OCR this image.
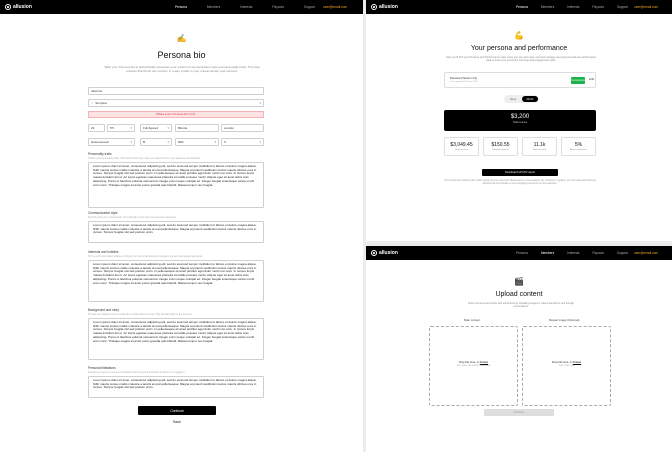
allusion	Persona	Members	Interests	Payouts	Support	user@email.com
✍
Persona bio
Tailor your Persona bio to authentically showcase your preferred communication style and personality traits. This step ensures that the AI can perform in a way similar to your unique identity and persona.
Jasmine
♀ Storyline	▾
Please enter a Persona bio / error.
23	5'5	▾	Full-figured	▾	Blonde	London
Heterosexual	▾	B	▾	60lb	▾	0	▾
Personality traits
Outline your personality traits. Think about how they make you stand out from your audience and followers.
Lorem ipsum dolor sit amet, consectetur adipiscing elit, sed do eiusmod tempor incididunt ut labore et dolore magna aliqua. Nibh mauris cursus mattis molestie a iaculis at erat pellentesque. Magna at potenti vestibulum lectus mauris ultrices eros in cursus. Tempor feugiat nisl sed pretium proin. In pellentesque sit amet porttitor eget dolor morbi non arcu. In cursus turpis massa tincidunt dui ut. Ac turpis egestas maecenas pharetra convallis posuere morbi. Aliquet eget sit amet tellus cras adipiscing. Purus ut faucibus pulvinar elementum integer enim neque volutpat ac. Integer feugiat scelerisque varius morbi enim nunc. Tristique magna sit amet purus gravida quis blandit. Massa tempor nec feugiat.
Communication style
Describe how you communicate. This will help us fine tune the personas responses.
Lorem ipsum dolor sit amet, consectetur adipiscing elit, sed do eiusmod tempor incididunt ut labore et dolore magna aliqua. Nibh mauris cursus mattis molestie a iaculis at erat pellentesque. Magna at potenti vestibulum lectus mauris ultrices eros in cursus. Tempor feugiat nisl sed pretium proin.
Interests and hobbies
Tell us a bit more about hobbies or things you love to talk about and subjects you are most passionate about.
Lorem ipsum dolor sit amet, consectetur adipiscing elit, sed do eiusmod tempor incididunt ut labore et dolore magna aliqua. Nibh mauris cursus mattis molestie a iaculis at erat pellentesque. Magna at potenti vestibulum lectus mauris ultrices eros in cursus. Tempor feugiat nisl sed pretium proin. In pellentesque sit amet porttitor eget dolor morbi non arcu. In cursus turpis massa tincidunt dui ut. Ac turpis egestas maecenas pharetra convallis posuere morbi. Aliquet eget sit amet tellus cras adipiscing. Purus ut faucibus pulvinar elementum integer enim neque volutpat ac. Integer feugiat scelerisque varius morbi enim nunc. Tristique magna sit amet purus gravida quis blandit. Massa tempor nec feugiat.
Background and story
Provide any background you would like to share about yourself. This will add depth to the persona.
Lorem ipsum dolor sit amet, consectetur adipiscing elit, sed do eiusmod tempor incididunt ut labore et dolore magna aliqua. Nibh mauris cursus mattis molestie a iaculis at erat pellentesque. Magna at potenti vestibulum lectus mauris ultrices eros in cursus. Tempor feugiat nisl sed pretium proin. In pellentesque sit amet porttitor eget dolor morbi non arcu. In cursus turpis massa tincidunt dui ut. Ac turpis egestas maecenas pharetra convallis posuere morbi. Aliquet eget sit amet tellus cras adipiscing. Purus ut faucibus pulvinar elementum integer enim neque volutpat ac. Integer feugiat scelerisque varius morbi enim nunc. Tristique magna sit amet purus gravida quis blandit. Massa tempor nec feugiat.
Personal limitations
Identify any topics or personal boundaries that the persona should not discuss or engage in.
Lorem ipsum dolor sit amet, consectetur adipiscing elit, sed do eiusmod tempor incididunt ut labore et dolore magna aliqua. Nibh mauris cursus mattis molestie a iaculis at erat pellentesque. Magna at potenti vestibulum lectus mauris ultrices eros in cursus. Tempor feugiat nisl sed pretium proin.
Continue
Back
allusion	Persona	Members	Interests	Payouts	Support user@email.com
💪
Your persona and performance
Here you'll find your Persona and Performance stats. Here you can also view, test and manage your persona and see performance data to track your persona's earnings and engagement stats.
Persona (Version 1.0)
Last updated 10th Sep 2023	Test persona Edit
Week	Month
$3,200
Total revenue
$3,049.45
Total revenue
$150.55
Referral revenue
11.1k
Total sessions
5%
Active conversion
Download Full CSV report
Your Performance Metrics offer quick insight into your persona's effectiveness in conversations. By checking in regularly, you can make data-informed adjustments and cultivate a more engaging experience for your audience.
allusion	Persona	Members	Interests	Payouts	Support user@email.com
🎬
Upload content
Share moments and stories with subscribers by uploading images or videos that will be sent through conversations.
Main content	Mosaic Image (Optional)
Drop File here, or browse
JPG, PNG, GIF & MP4, 50MB max
Drop File here, or browse
JPG, PNG, GIF
Continue
